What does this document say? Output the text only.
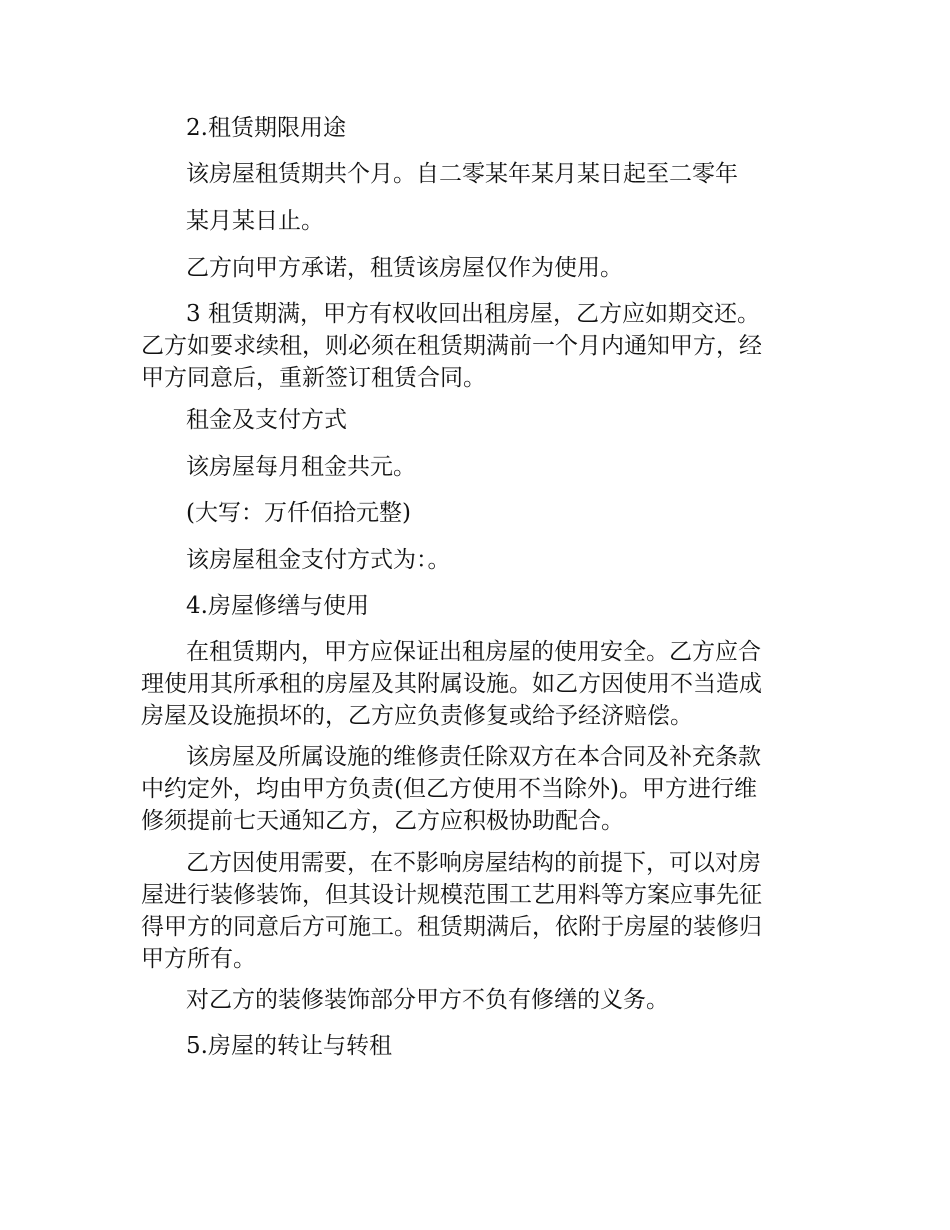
2.租赁期限用途

该房屋租赁期共个月。自二零某年某月某日起至二零年

某月某日止。

乙方向甲方承诺，租赁该房屋仅作为使用。

3 租赁期满，甲方有权收回出租房屋，乙方应如期交还。
乙方如要求续租，则必须在租赁期满前一个月内通知甲方，经
甲方同意后，重新签订租赁合同。

租金及支付方式

该房屋每月租金共元。

(大写：万仟佰拾元整)

该房屋租金支付方式为：。

4.房屋修缮与使用

在租赁期内，甲方应保证出租房屋的使用安全。乙方应合
理使用其所承租的房屋及其附属设施。如乙方因使用不当造成
房屋及设施损坏的，乙方应负责修复或给予经济赔偿。

该房屋及所属设施的维修责任除双方在本合同及补充条款
中约定外，均由甲方负责(但乙方使用不当除外)。甲方进行维
修须提前七天通知乙方，乙方应积极协助配合。

乙方因使用需要，在不影响房屋结构的前提下，可以对房
屋进行装修装饰，但其设计规模范围工艺用料等方案应事先征
得甲方的同意后方可施工。租赁期满后，依附于房屋的装修归
甲方所有。

对乙方的装修装饰部分甲方不负有修缮的义务。

5.房屋的转让与转租
